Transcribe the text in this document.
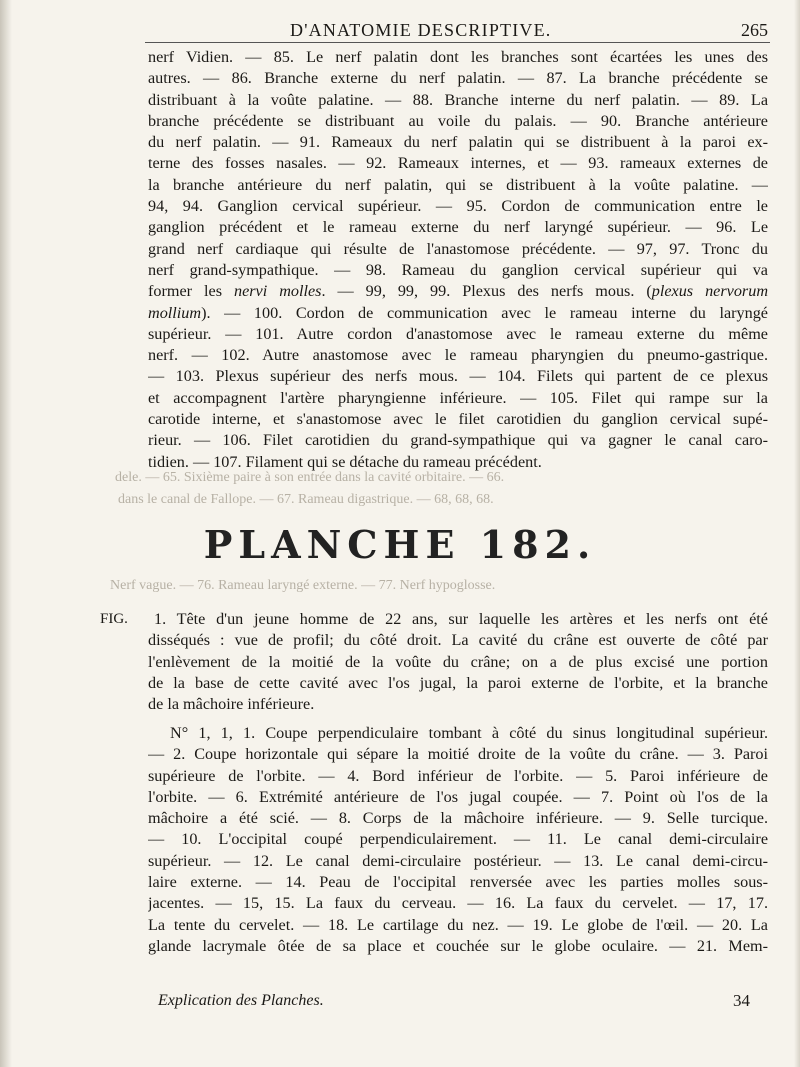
dele. — 65. Sixième paire à son entrée dans la cavité orbitaire. — 66.
dans le canal de Fallope. — 67. Rameau digastrique. — 68, 68, 68.
Nerf vague. — 76. Rameau laryngé externe. — 77. Nerf hypoglosse.
D'ANATOMIE DESCRIPTIVE.	265
nerf Vidien. — 85. Le nerf palatin dont les branches sont écartées les unes des
autres. — 86. Branche externe du nerf palatin. — 87. La branche précédente se
distribuant à la voûte palatine. — 88. Branche interne du nerf palatin. — 89. La
branche précédente se distribuant au voile du palais. — 90. Branche antérieure
du nerf palatin. — 91. Rameaux du nerf palatin qui se distribuent à la paroi ex-
terne des fosses nasales. — 92. Rameaux internes, et — 93. rameaux externes de
la branche antérieure du nerf palatin, qui se distribuent à la voûte palatine. —
94, 94. Ganglion cervical supérieur. — 95. Cordon de communication entre le
ganglion précédent et le rameau externe du nerf laryngé supérieur. — 96. Le
grand nerf cardiaque qui résulte de l'anastomose précédente. — 97, 97. Tronc du
nerf grand-sympathique. — 98. Rameau du ganglion cervical supérieur qui va
former les nervi molles. — 99, 99, 99. Plexus des nerfs mous. (plexus nervorum
mollium). — 100. Cordon de communication avec le rameau interne du laryngé
supérieur. — 101. Autre cordon d'anastomose avec le rameau externe du même
nerf. — 102. Autre anastomose avec le rameau pharyngien du pneumo-gastrique.
— 103. Plexus supérieur des nerfs mous. — 104. Filets qui partent de ce plexus
et accompagnent l'artère pharyngienne inférieure. — 105. Filet qui rampe sur la
carotide interne, et s'anastomose avec le filet carotidien du ganglion cervical supé-
rieur. — 106. Filet carotidien du grand-sympathique qui va gagner le canal caro-
tidien. — 107. Filament qui se détache du rameau précédent.
PLANCHE 182.
FIG.	1. Tête d'un jeune homme de 22 ans, sur laquelle les artères et les nerfs ont été
disséqués : vue de profil; du côté droit. La cavité du crâne est ouverte de côté par
l'enlèvement de la moitié de la voûte du crâne; on a de plus excisé une portion
de la base de cette cavité avec l'os jugal, la paroi externe de l'orbite, et la branche
de la mâchoire inférieure.
N° 1, 1, 1. Coupe perpendiculaire tombant à côté du sinus longitudinal supérieur.
— 2. Coupe horizontale qui sépare la moitié droite de la voûte du crâne. — 3. Paroi
supérieure de l'orbite. — 4. Bord inférieur de l'orbite. — 5. Paroi inférieure de
l'orbite. — 6. Extrémité antérieure de l'os jugal coupée. — 7. Point où l'os de la
mâchoire a été scié. — 8. Corps de la mâchoire inférieure. — 9. Selle turcique.
— 10. L'occipital coupé perpendiculairement. — 11. Le canal demi-circulaire
supérieur. — 12. Le canal demi-circulaire postérieur. — 13. Le canal demi-circu-
laire externe. — 14. Peau de l'occipital renversée avec les parties molles sous-
jacentes. — 15, 15. La faux du cerveau. — 16. La faux du cervelet. — 17, 17.
La tente du cervelet. — 18. Le cartilage du nez. — 19. Le globe de l'œil. — 20. La
glande lacrymale ôtée de sa place et couchée sur le globe oculaire. — 21. Mem-
Explication des Planches.	34
